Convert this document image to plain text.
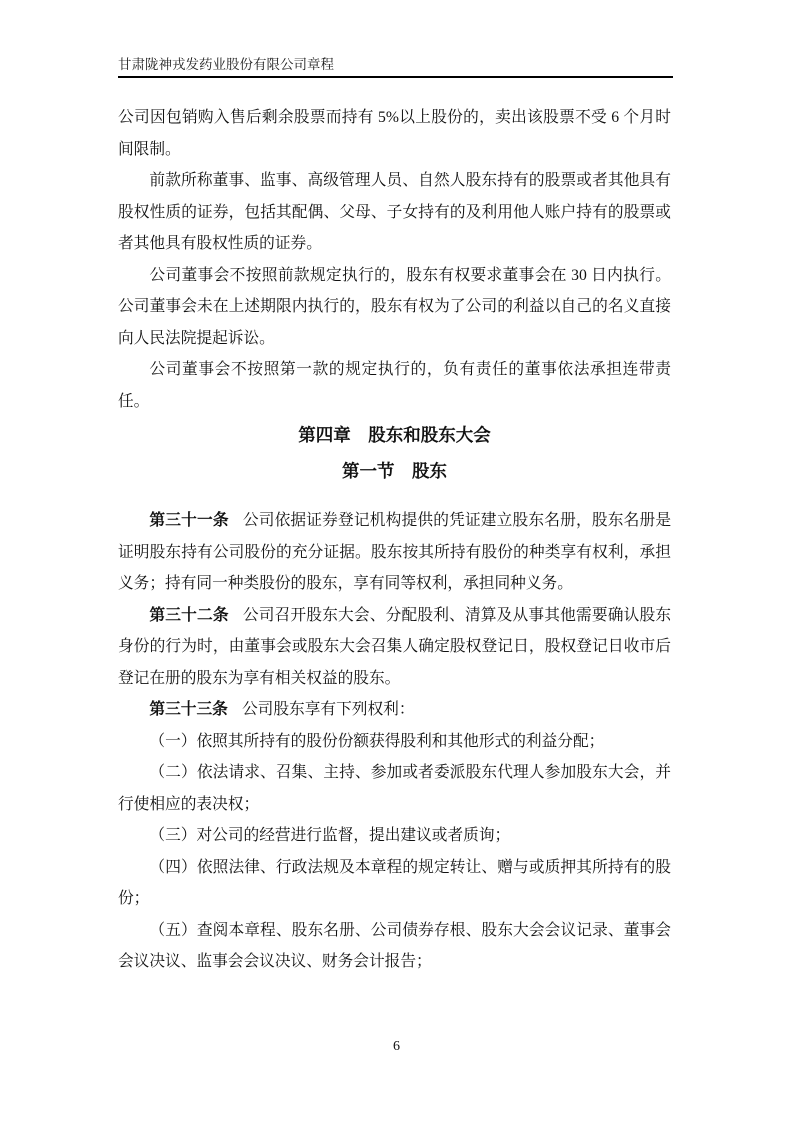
甘肃陇神戎发药业股份有限公司章程

公司因包销购入售后剩余股票而持有 5%以上股份的，卖出该股票不受 6 个月时间限制。

前款所称董事、监事、高级管理人员、自然人股东持有的股票或者其他具有股权性质的证券，包括其配偶、父母、子女持有的及利用他人账户持有的股票或者其他具有股权性质的证券。

公司董事会不按照前款规定执行的，股东有权要求董事会在 30 日内执行。公司董事会未在上述期限内执行的，股东有权为了公司的利益以自己的名义直接向人民法院提起诉讼。

公司董事会不按照第一款的规定执行的，负有责任的董事依法承担连带责任。

第四章　股东和股东大会
第一节　股东

第三十一条 公司依据证券登记机构提供的凭证建立股东名册，股东名册是证明股东持有公司股份的充分证据。股东按其所持有股份的种类享有权利，承担义务；持有同一种类股份的股东，享有同等权利，承担同种义务。

第三十二条 公司召开股东大会、分配股利、清算及从事其他需要确认股东身份的行为时，由董事会或股东大会召集人确定股权登记日，股权登记日收市后登记在册的股东为享有相关权益的股东。

第三十三条 公司股东享有下列权利：

（一）依照其所持有的股份份额获得股利和其他形式的利益分配；

（二）依法请求、召集、主持、参加或者委派股东代理人参加股东大会，并行使相应的表决权；

（三）对公司的经营进行监督，提出建议或者质询；

（四）依照法律、行政法规及本章程的规定转让、赠与或质押其所持有的股份；

（五）查阅本章程、股东名册、公司债券存根、股东大会会议记录、董事会会议决议、监事会会议决议、财务会计报告；

6
